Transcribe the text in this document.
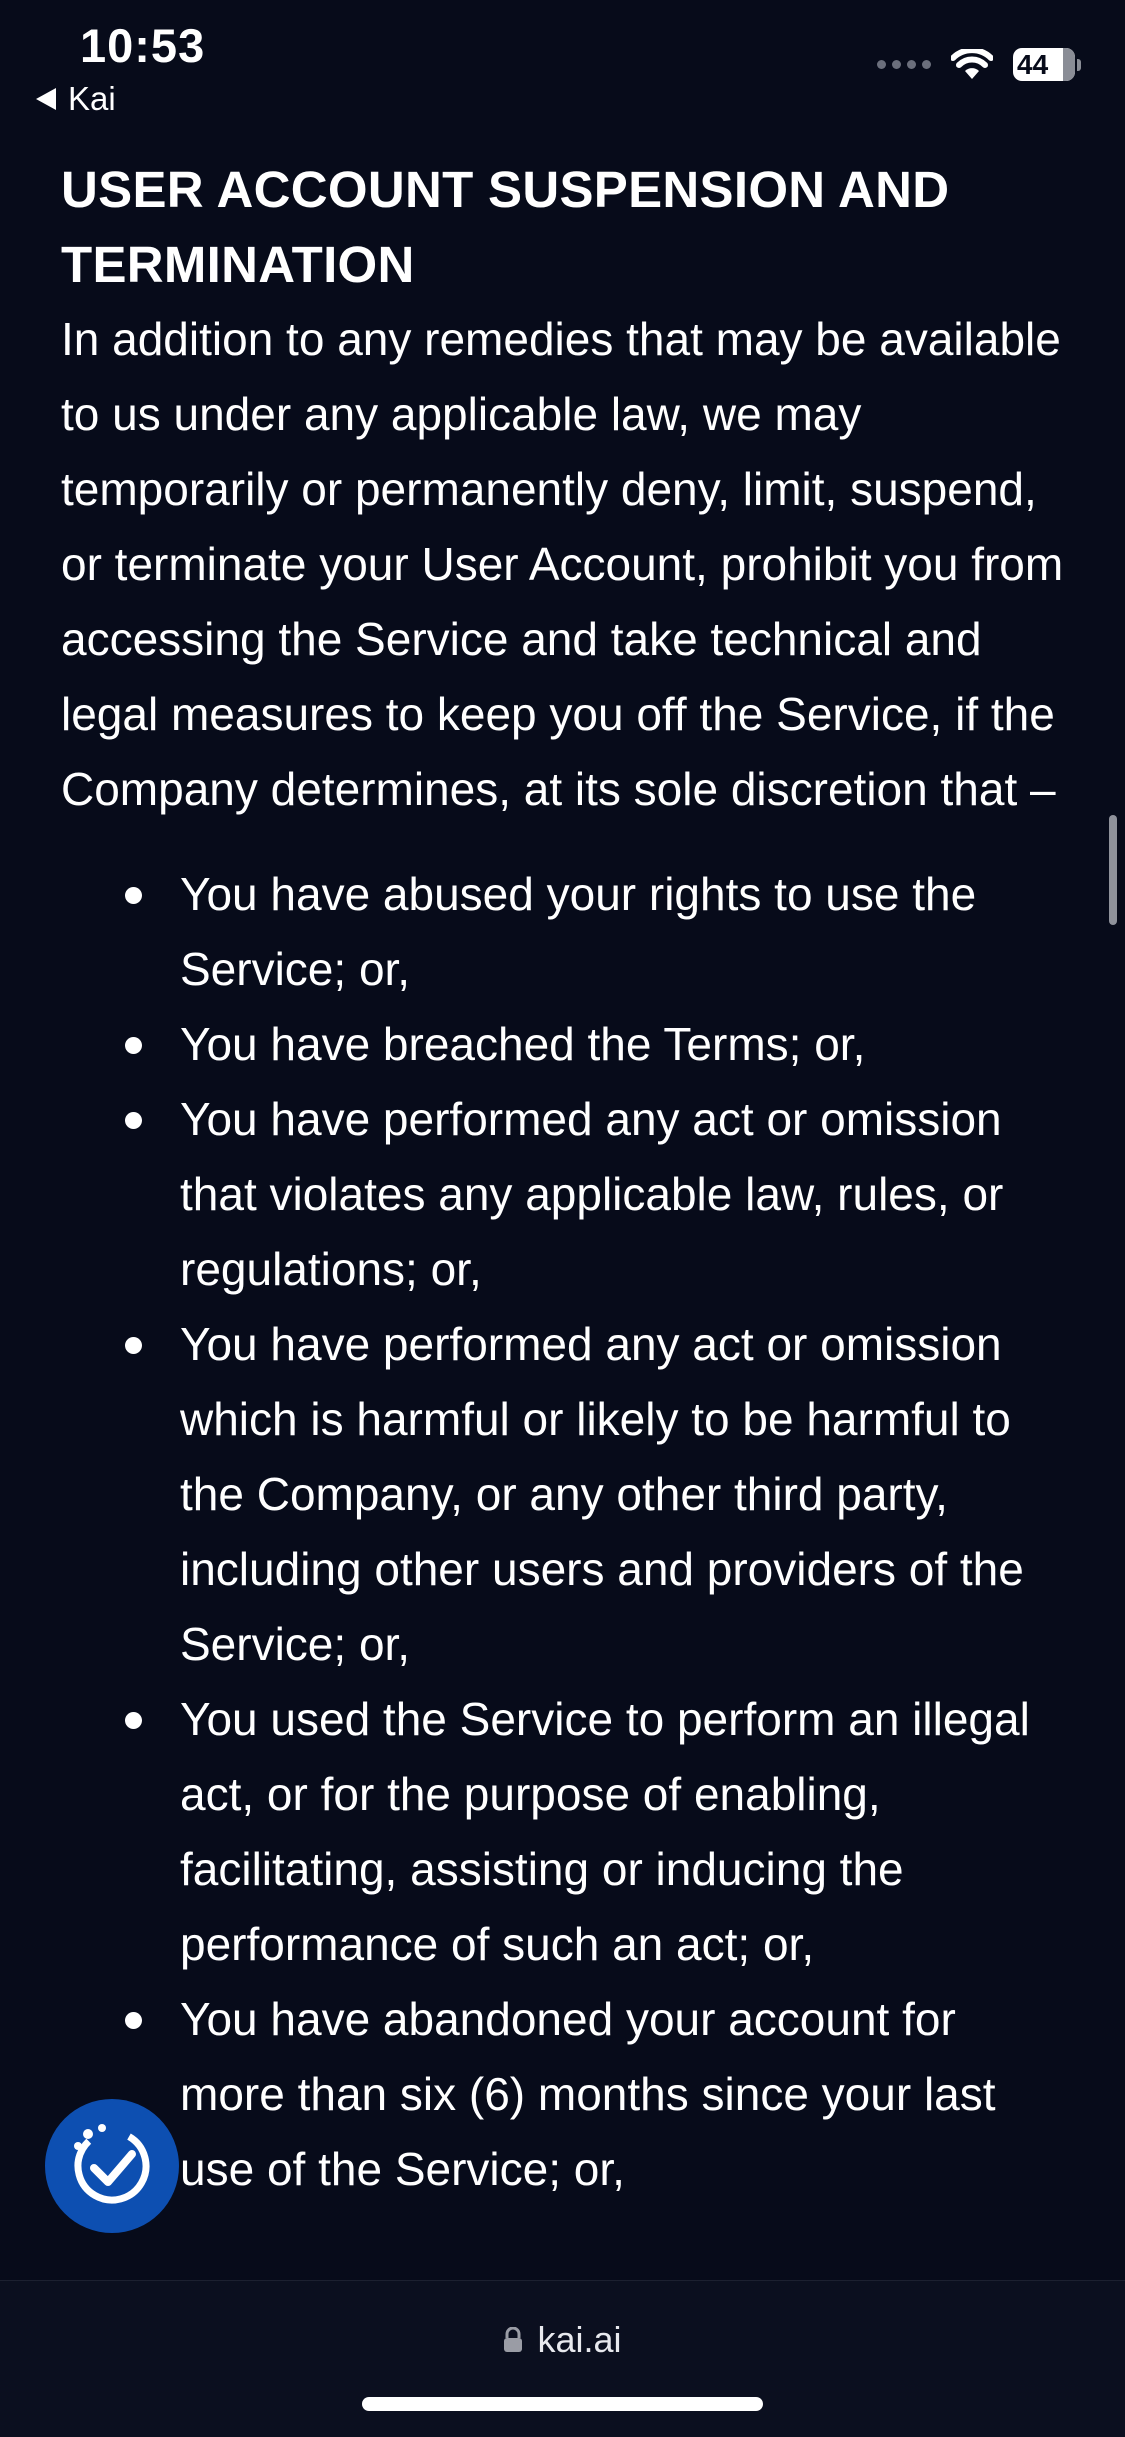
10:53
Kai
44
USER ACCOUNT SUSPENSION AND TERMINATION

In addition to any remedies that may be available to us under any applicable law, we may temporarily or permanently deny, limit, suspend, or terminate your User Account, prohibit you from accessing the Service and take technical and legal measures to keep you off the Service, if the Company determines, at its sole discretion that –

You have abused your rights to use the Service; or,
You have breached the Terms; or,
You have performed any act or omission that violates any applicable law, rules, or regulations; or,
You have performed any act or omission which is harmful or likely to be harmful to the Company, or any other third party, including other users and providers of the Service; or,
You used the Service to perform an illegal act, or for the purpose of enabling, facilitating, assisting or inducing the performance of such an act; or,
You have abandoned your account for more than six (6) months since your last use of the Service; or,
kai.ai
